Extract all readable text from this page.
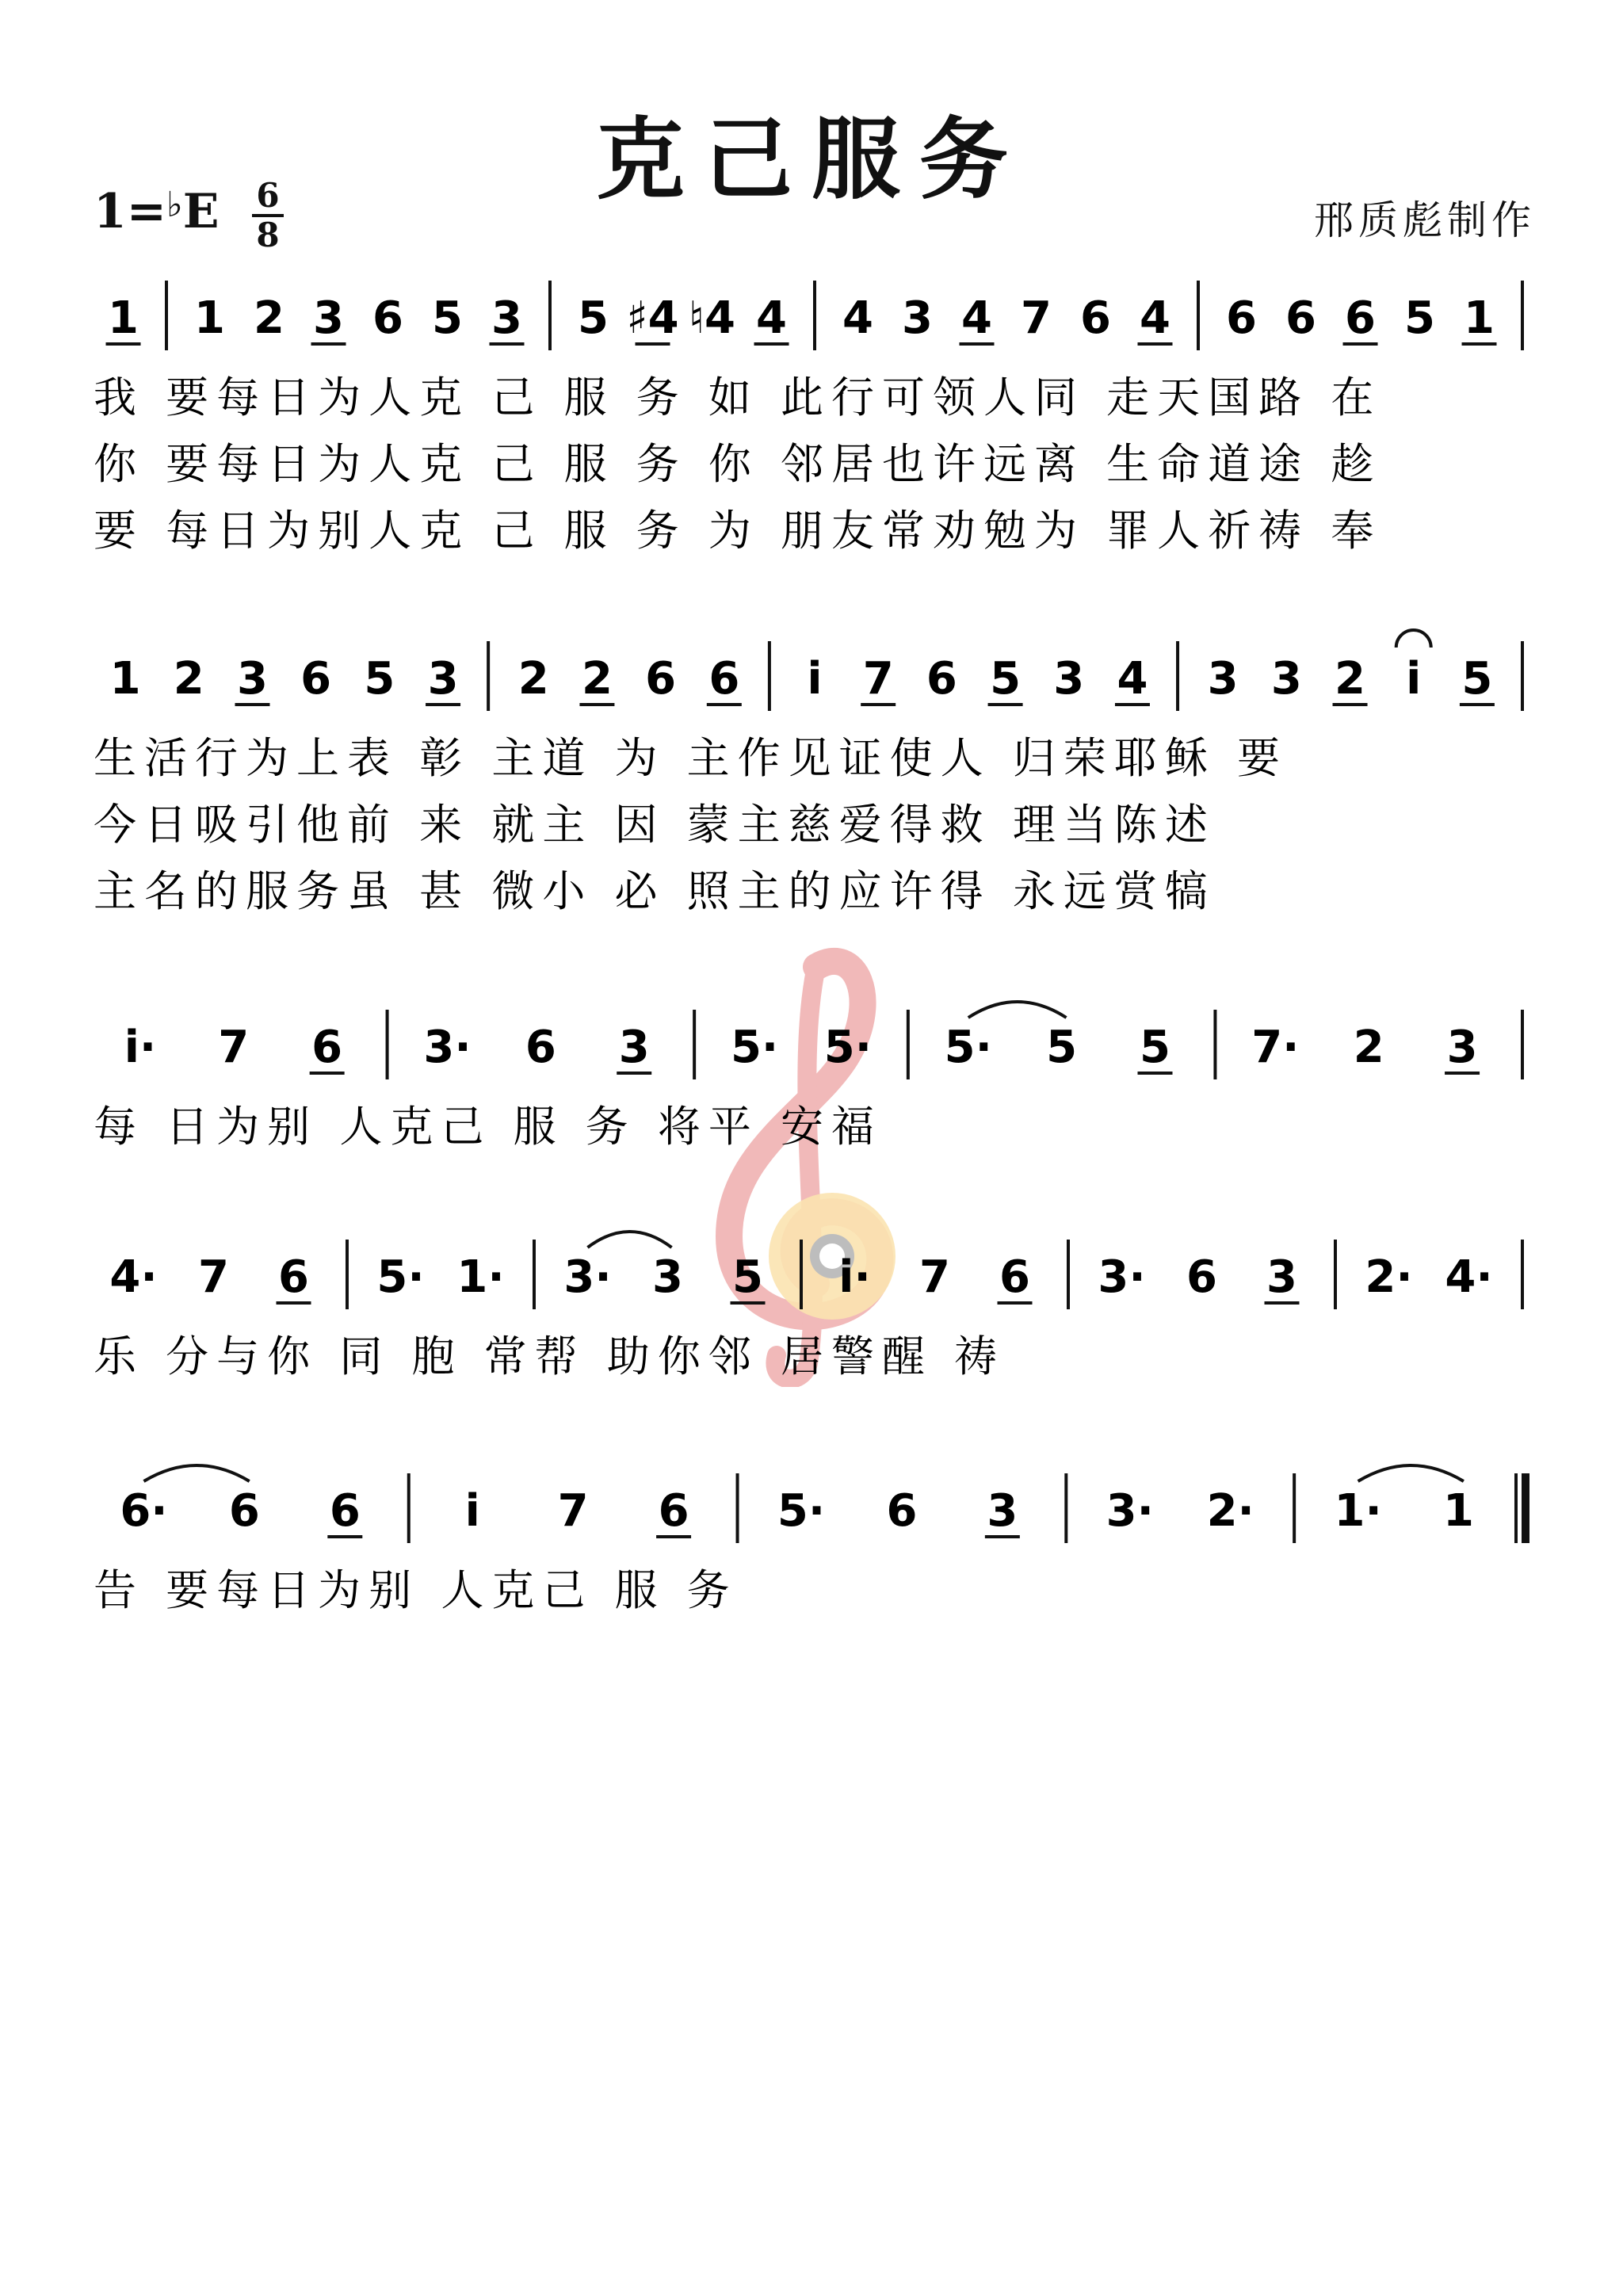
克己服务
邢质彪制作
1=♭E 6
8
1 1 2 3 6 5 3 5 ♯4 ♮4 4 4 3 4 7 6 4 6 6 6 5 1
我 要每日为人克 己 服 务 如 此行可领人同 走天国路 在
你 要每日为人克 己 服 务 你 邻居也许远离 生命道途 趁
要 每日为别人克 己 服 务 为 朋友常劝勉为 罪人祈祷 奉
1 2 3 6 5 3 2 2 6 6 i̇ 7 6 5 3 4 3 3 2 i̇ 5
生活行为上表 彰 主道 为 主作见证使人 归荣耶稣 要
今日吸引他前 来 就主 因 蒙主慈爱得救 理当陈述
主名的服务虽 甚 微小 必 照主的应许得 永远赏犒
i̇· 7 6 3· 6 3 5· 5· 5· 5 5 7· 2 3
每 日为别 人克己 服 务 将平 安福
4· 7 6 5· 1· 3· 3 5 i̇· 7 6 3· 6 3 2· 4·
乐 分与你 同 胞 常帮 助你邻 居警醒 祷
6· 6 6 i̇ 7 6 5· 6 3 3· 2· 1· 1
告 要每日为别 人克己 服 务
